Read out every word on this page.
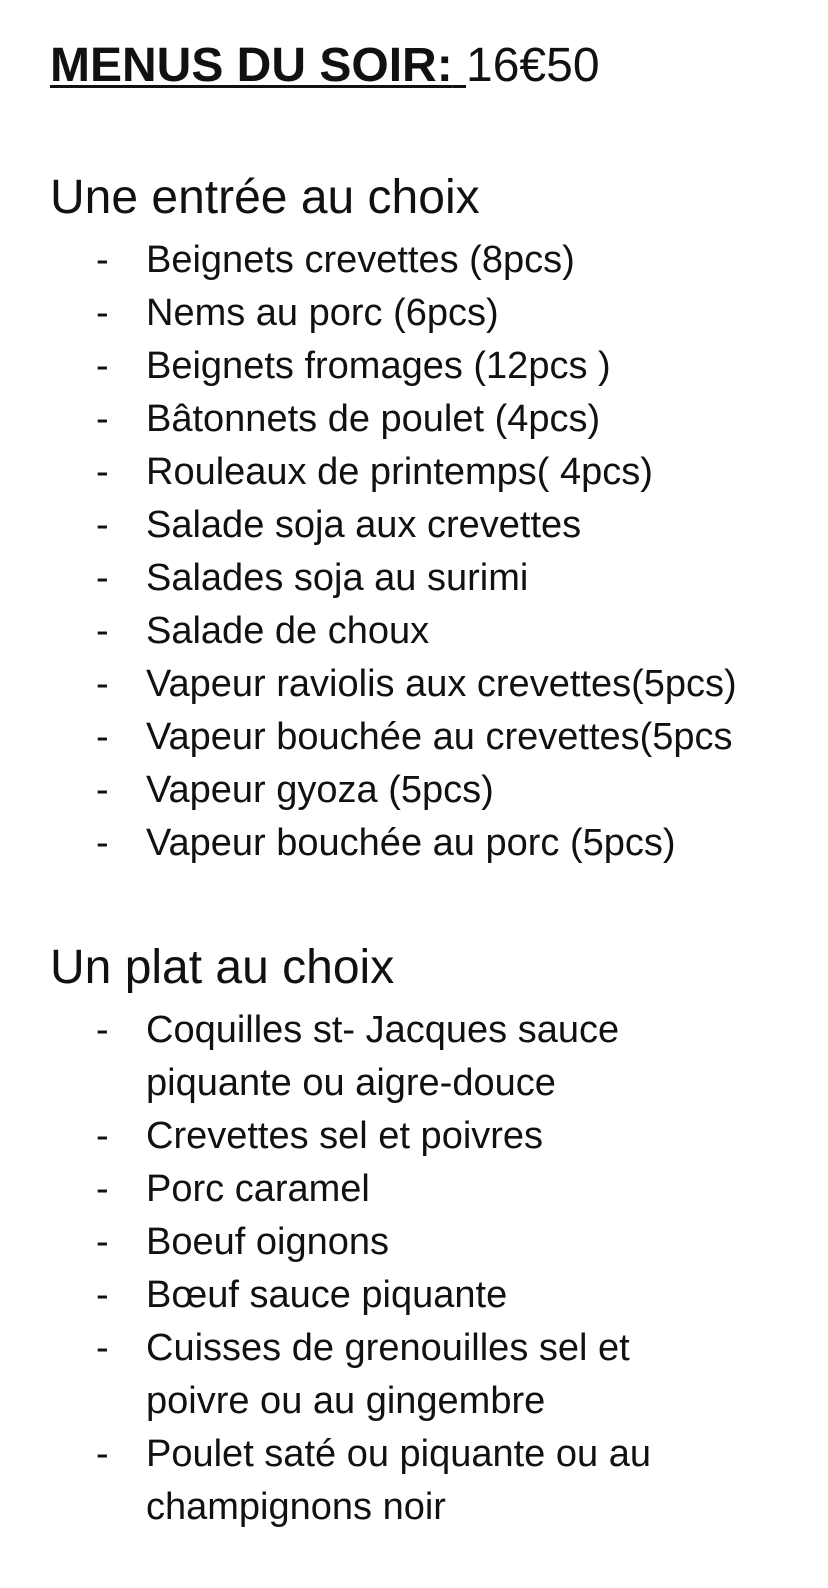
MENUS DU SOIR: 16€50
Une entrée au choix
- Beignets crevettes (8pcs)
- Nems au porc (6pcs)
- Beignets fromages (12pcs )
- Bâtonnets de poulet (4pcs)
- Rouleaux de printemps( 4pcs)
- Salade soja aux crevettes
- Salades soja au surimi
- Salade de choux
- Vapeur raviolis aux crevettes(5pcs)
- Vapeur bouchée au crevettes(5pcs
- Vapeur gyoza (5pcs)
- Vapeur bouchée au porc (5pcs)
Un plat au choix
- Coquilles st- Jacques sauce piquante ou aigre-douce
- Crevettes sel et poivres
- Porc caramel
- Boeuf oignons
- Bœuf sauce piquante
- Cuisses de grenouilles sel et poivre ou au gingembre
- Poulet saté ou piquante ou au champignons noir
